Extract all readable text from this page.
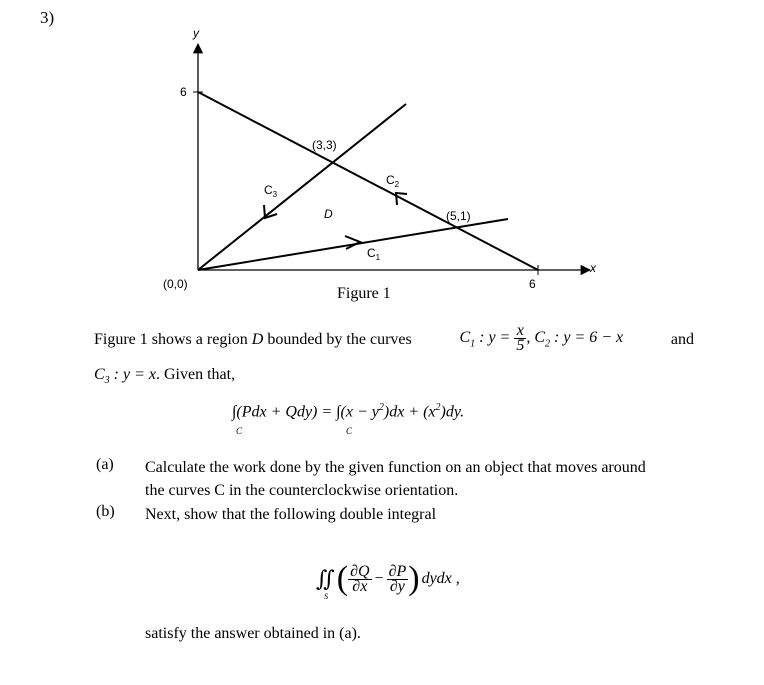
3)
y
x
6
6
(0,0)
(3,3)
(5,1)
D
$C_1$
$C_2$
$C_3$
Figure 1
Figure 1 shows a region D bounded by the curves	$C_1$ : $y = \frac{x}{5}$ , $C_2$ : y = 6 − x	and
$C_3$ : y = x. Given that,
$\int(Pdx + Qdy) = \int(x - y^2)dx + (x^2)dy$.
C	C
(a) Calculate the work done by the given function on an object that moves around
the curves C in the counterclockwise orientation.
(b) Next, show that the following double integral
∬
S ( $\frac{\partial Q}{\partial x} - \frac{\partial P}{\partial y}$ ) dydx ,
satisfy the answer obtained in (a).
